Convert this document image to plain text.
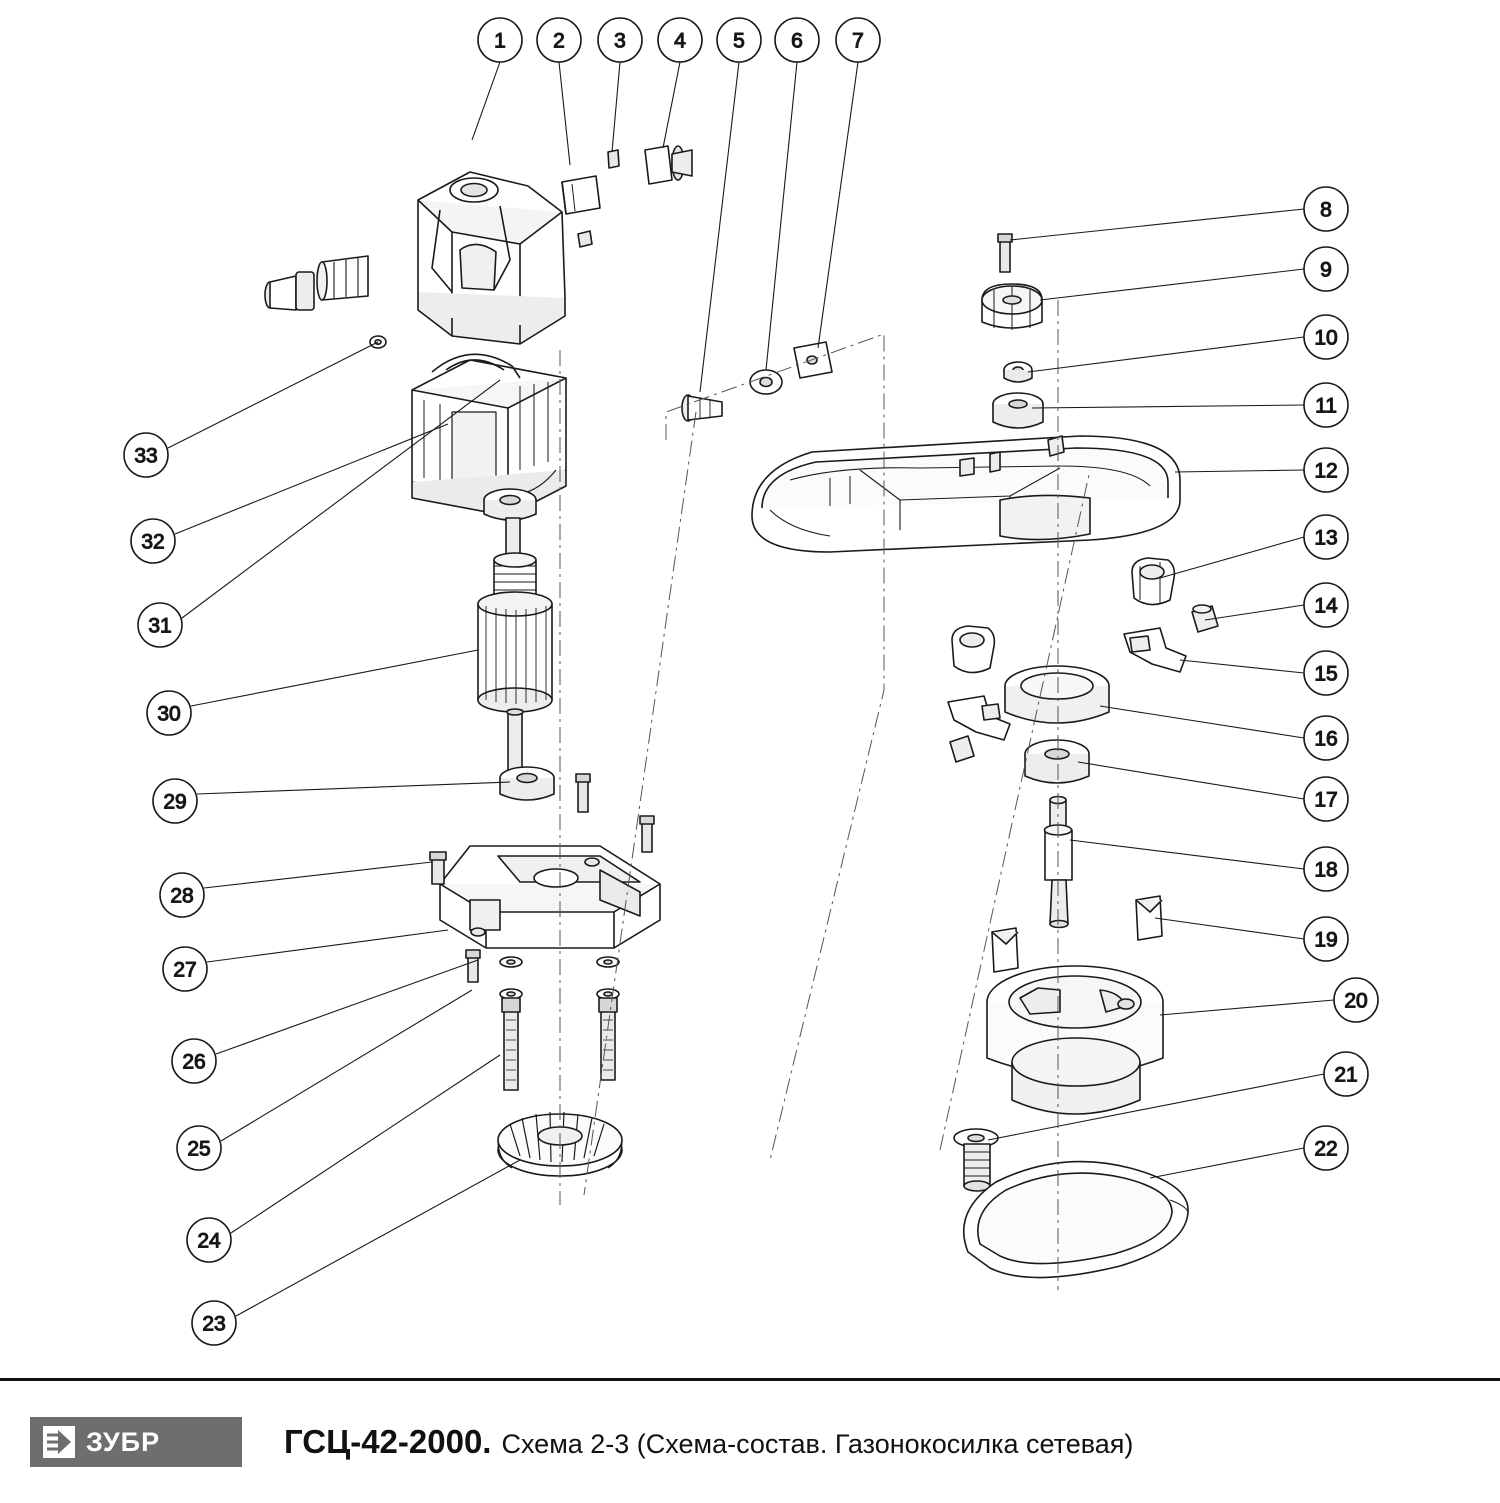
1 2 3 4 5 6 7
8
9
10
11
12
13
14
15
16
17
18
19
20
21
22
23
24
25
26
27
28
29
30
31
32
33
ЗУБР	ГСЦ-42-2000. Схема 2-3 (Схема-состав. Газонокосилка сетевая)
